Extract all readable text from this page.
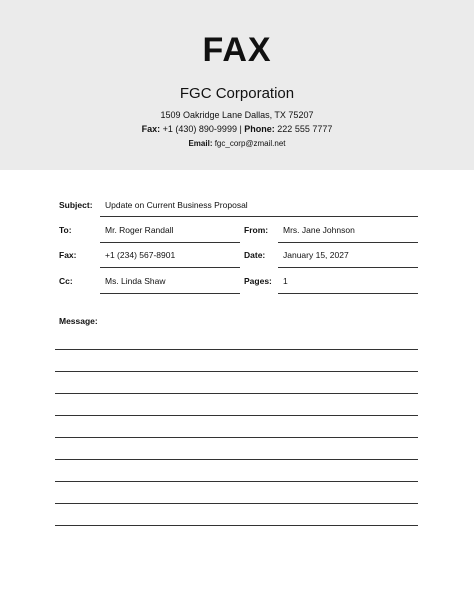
FAX
FGC Corporation
1509 Oakridge Lane Dallas, TX 75207
Fax: +1 (430) 890-9999 | Phone: 222 555 7777
Email: fgc_corp@zmail.net
Subject: Update on Current Business Proposal
To:	Mr. Roger Randall	From: Mrs. Jane Johnson
Fax:	+1 (234) 567-8901	Date: January 15, 2027
Cc:	Ms. Linda Shaw	Pages: 1
Message:
